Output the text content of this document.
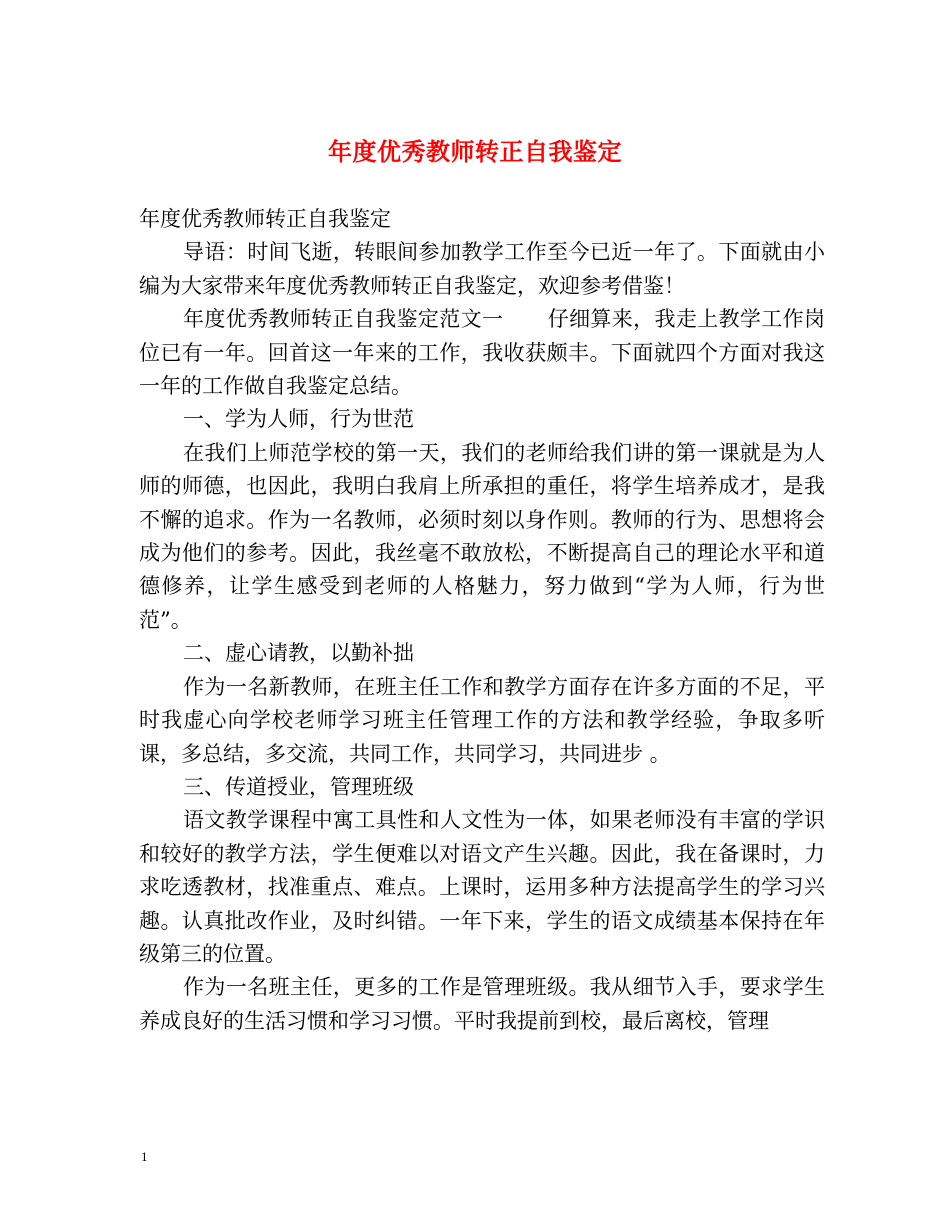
年度优秀教师转正自我鉴定

年度优秀教师转正自我鉴定

导语：时间飞逝，转眼间参加教学工作至今已近一年了。下面就由小编为大家带来年度优秀教师转正自我鉴定，欢迎参考借鉴！

年度优秀教师转正自我鉴定范文一 仔细算来，我走上教学工作岗位已有一年。回首这一年来的工作，我收获颇丰。下面就四个方面对我这一年的工作做自我鉴定总结。

一、学为人师，行为世范

在我们上师范学校的第一天，我们的老师给我们讲的第一课就是为人师的师德，也因此，我明白我肩上所承担的重任，将学生培养成才，是我不懈的追求。作为一名教师，必须时刻以身作则。教师的行为、思想将会成为他们的参考。因此，我丝毫不敢放松，不断提高自己的理论水平和道德修养，让学生感受到老师的人格魅力，努力做到“学为人师，行为世范”。

二、虚心请教，以勤补拙

作为一名新教师，在班主任工作和教学方面存在许多方面的不足，平时我虚心向学校老师学习班主任管理工作的方法和教学经验，争取多听课，多总结，多交流，共同工作，共同学习，共同进步 。

三、传道授业，管理班级

语文教学课程中寓工具性和人文性为一体，如果老师没有丰富的学识和较好的教学方法，学生便难以对语文产生兴趣。因此，我在备课时，力求吃透教材，找准重点、难点。上课时，运用多种方法提高学生的学习兴趣。认真批改作业，及时纠错。一年下来，学生的语文成绩基本保持在年级第三的位置。

作为一名班主任，更多的工作是管理班级。我从细节入手，要求学生养成良好的生活习惯和学习习惯。平时我提前到校，最后离校，管理

1
